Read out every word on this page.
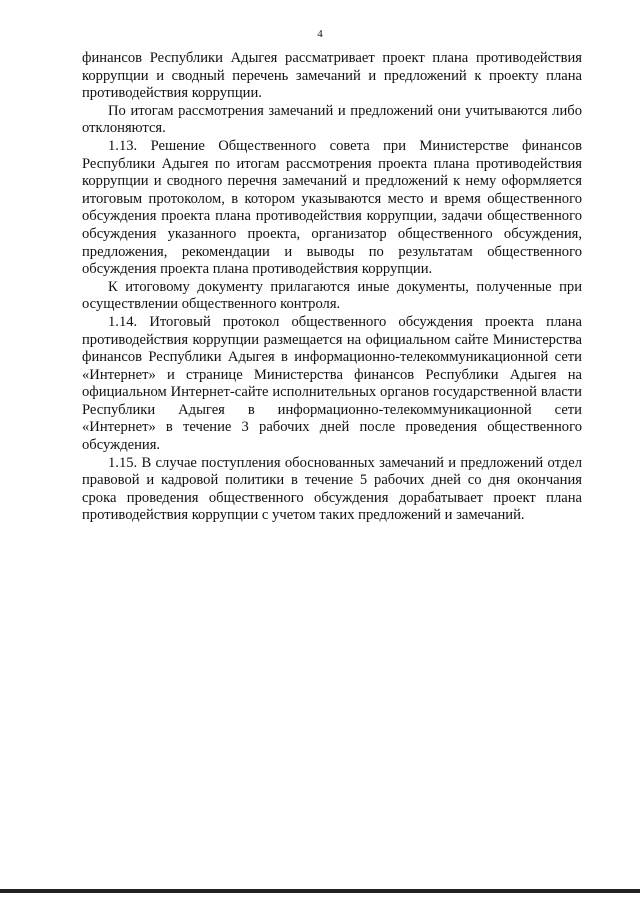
4

финансов Республики Адыгея рассматривает проект плана противодействия коррупции и сводный перечень замечаний и предложений к проекту плана противодействия коррупции.

По итогам рассмотрения замечаний и предложений они учитываются либо отклоняются.

1.13. Решение Общественного совета при Министерстве финансов Республики Адыгея по итогам рассмотрения проекта плана противодействия коррупции и сводного перечня замечаний и предложений к нему оформляется итоговым протоколом, в котором указываются место и время общественного обсуждения проекта плана противодействия коррупции, задачи общественного обсуждения указанного проекта, организатор общественного обсуждения, предложения, рекомендации и выводы по результатам общественного обсуждения проекта плана противодействия коррупции.

К итоговому документу прилагаются иные документы, полученные при осуществлении общественного контроля.

1.14. Итоговый протокол общественного обсуждения проекта плана противодействия коррупции размещается на официальном сайте Министерства финансов Республики Адыгея в информационно-телекоммуникационной сети «Интернет» и странице Министерства финансов Республики Адыгея на официальном Интернет-сайте исполнительных органов государственной власти Республики Адыгея в информационно-телекоммуникационной сети «Интернет» в течение 3 рабочих дней после проведения общественного обсуждения.

1.15. В случае поступления обоснованных замечаний и предложений отдел правовой и кадровой политики в течение 5 рабочих дней со дня окончания срока проведения общественного обсуждения дорабатывает проект плана противодействия коррупции с учетом таких предложений и замечаний.
